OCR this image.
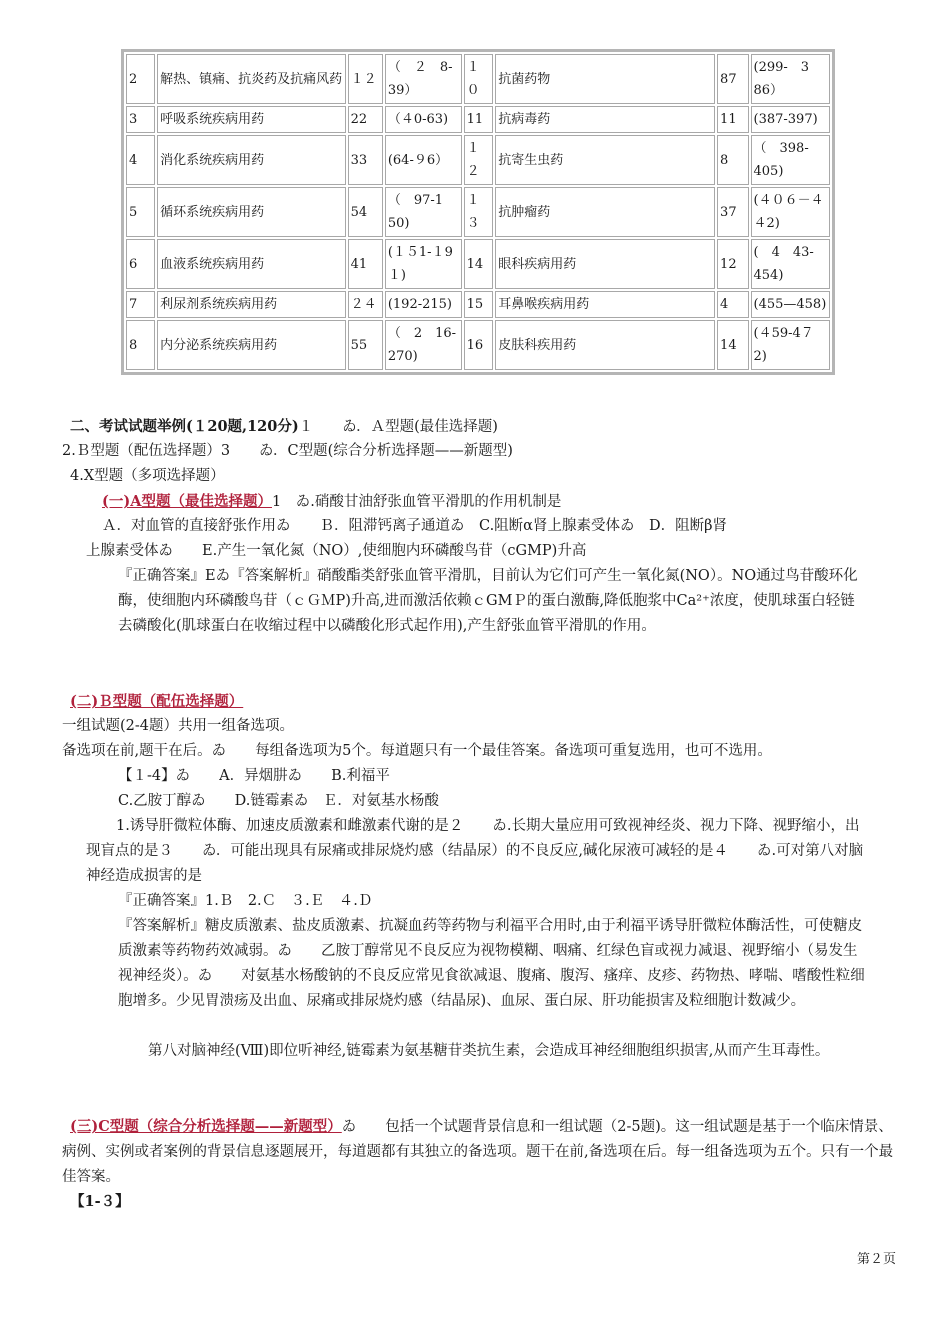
2	解热、镇痛、抗炎药及抗痛风药	１２	（　２　8-39）	１０	抗菌药物	87	(299-　3　86）
3	呼吸系统疾病用药	22	（４0-63)	11	抗病毒药	11	(387-397)
4	消化系统疾病用药	33	(64-９6）	１２	抗寄生虫药	8	（　398-　405)
5	循环系统疾病用药	54	（　97-1　50)	１３	抗肿瘤药	37	(４０６－４４2)
6	血液系统疾病用药	41	(１５1-１9１)	14	眼科疾病用药	12	(　4　43-454)
7	利尿剂系统疾病用药	２４	(192-215)	15	耳鼻喉疾病用药	4	(455—458)
8	内分泌系统疾病用药	55	（　2　16-270)	16	皮肤科疾用药	14	(４59-4７2)
二、考试试题举例(１20题,120分)１　　ゐ．Ａ型题(最佳选择题)
2.Ｂ型题（配伍选择题）3　　ゐ．C型题(综合分析选择题——新题型)
4.X型题（多项选择题）
(一)A型题（最佳选择题）1　ゐ.硝酸甘油舒张血管平滑肌的作用机制是
Ａ．对血管的直接舒张作用ゐ　　Ｂ．阻滞钙离子通道ゐ　C.阻断α肾上腺素受体ゐ　D．阻断β肾
上腺素受体ゐ　　E.产生一氧化氮（NO）,使细胞内环磷酸鸟苷（cGMP)升高
『正确答案』Eゐ『答案解析』硝酸酯类舒张血管平滑肌，目前认为它们可产生一氧化氮(NO）。NO通过鸟苷酸环化酶，使细胞内环磷酸鸟苷（ｃＧＭP)升高,进而激活依赖ｃGMＰ的蛋白激酶,降低胞浆中Ca²⁺浓度，使肌球蛋白轻链去磷酸化(肌球蛋白在收缩过程中以磷酸化形式起作用),产生舒张血管平滑肌的作用。
(二)Ｂ型题（配伍选择题）
一组试题(2-4题）共用一组备选项。
备选项在前,题干在后。ゐ　　每组备选项为5个。每道题只有一个最佳答案。备选项可重复选用，也可不选用。
【１-4】ゐ　　A．异烟肼ゐ　　B.利福平
C.乙胺丁醇ゐ　　D.链霉素ゐ　Ｅ．对氨基水杨酸
1.诱导肝微粒体酶、加速皮质激素和雌激素代谢的是２　　ゐ.长期大量应用可致视神经炎、视力下降、视野缩小，出现盲点的是３　　ゐ．可能出现具有尿痛或排尿烧灼感（结晶尿）的不良反应,碱化尿液可减轻的是４　　ゐ.可对第八对脑神经造成损害的是
『正确答案』1.Ｂ　2.Ｃ　３.Ｅ　４.Ｄ
『答案解析』糖皮质激素、盐皮质激素、抗凝血药等药物与利福平合用时,由于利福平诱导肝微粒体酶活性，可使糖皮质激素等药物药效减弱。ゐ　　乙胺丁醇常见不良反应为视物模糊、咽痛、红绿色盲或视力减退、视野缩小（易发生视神经炎）。ゐ　　对氨基水杨酸钠的不良反应常见食欲减退、腹痛、腹泻、瘙痒、皮疹、药物热、哮喘、嗜酸性粒细胞增多。少见胃溃疡及出血、尿痛或排尿烧灼感（结晶尿)、血尿、蛋白尿、肝功能损害及粒细胞计数减少。
第八对脑神经(Ⅷ)即位听神经,链霉素为氨基糖苷类抗生素，会造成耳神经细胞组织损害,从而产生耳毒性。
(三)C型题（综合分析选择题——新题型）ゐ　　包括一个试题背景信息和一组试题（2-5题)。这一组试题是基于一个临床情景、病例、实例或者案例的背景信息逐题展开，每道题都有其独立的备选项。题干在前,备选项在后。每一组备选项为五个。只有一个最佳答案。
【1-３】
第２页
